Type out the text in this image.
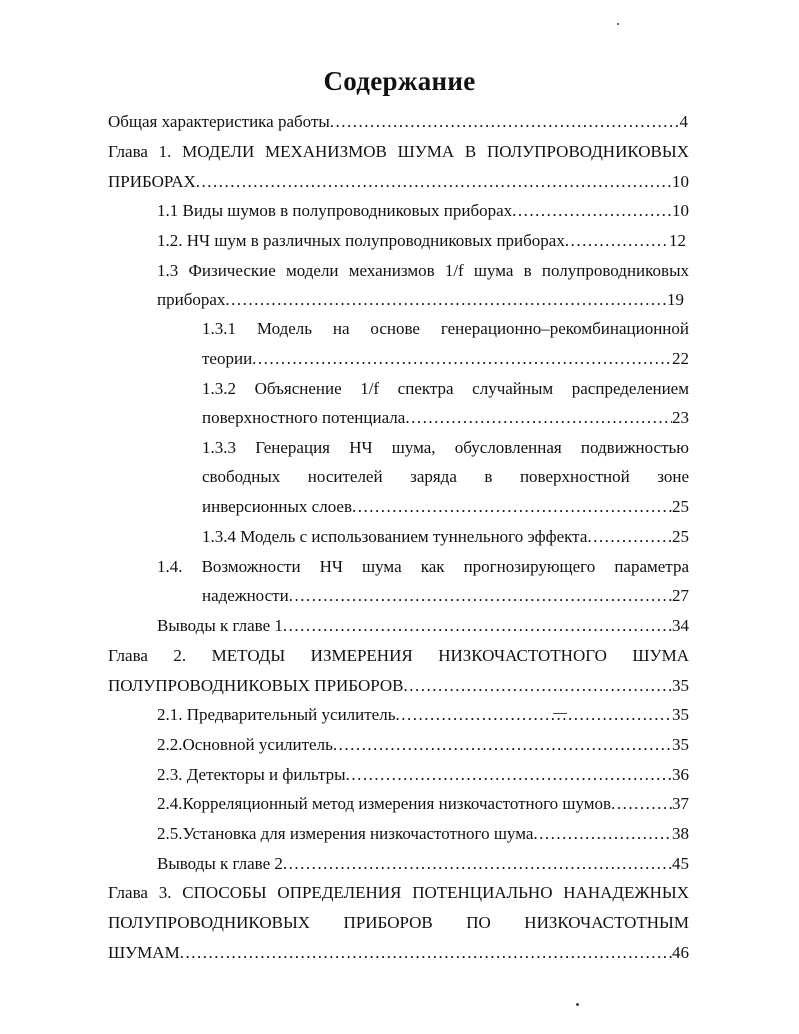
Содержание
Общая характеристика работы .....	4
Глава 1. МОДЕЛИ МЕХАНИЗМОВ ШУМА В ПОЛУПРОВОДНИКОВЫХ
ПРИБОРАХ .....	10
1.1 Виды шумов в полупроводниковых приборах .....	10
1.2. НЧ шум в различных полупроводниковых приборах .....	12
1.3 Физические модели механизмов 1/f шума в полупроводниковых
приборах .....	19
1.3.1 Модель на основе генерационно–рекомбинационной
теории .....	22
1.3.2 Объяснение 1/f спектра случайным распределением
поверхностного потенциала .....	23
1.3.3 Генерация НЧ шума, обусловленная подвижностью
свободных носителей заряда в поверхностной зоне
инверсионных слоев .....	25
1.3.4 Модель с использованием туннельного эффекта .....	25
1.4. Возможности НЧ шума как прогнозирующего параметра
надежности .....	27
Выводы к главе 1 .....	34
Глава 2. МЕТОДЫ ИЗМЕРЕНИЯ НИЗКОЧАСТОТНОГО ШУМА
ПОЛУПРОВОДНИКОВЫХ ПРИБОРОВ .....	35
2.1. Предварительный усилитель .....	35
2.2.Основной усилитель .....	35
2.3. Детекторы и фильтры .....	36
2.4.Корреляционный метод измерения низкочастотного шумов .....	37
2.5.Установка для измерения низкочастотного шума .....	38
Выводы к главе 2 .....	45
Глава 3. СПОСОБЫ ОПРЕДЕЛЕНИЯ ПОТЕНЦИАЛЬНО НАНАДЕЖНЫХ
ПОЛУПРОВОДНИКОВЫХ ПРИБОРОВ ПО НИЗКОЧАСТОТНЫМ
ШУМАМ .....	46
